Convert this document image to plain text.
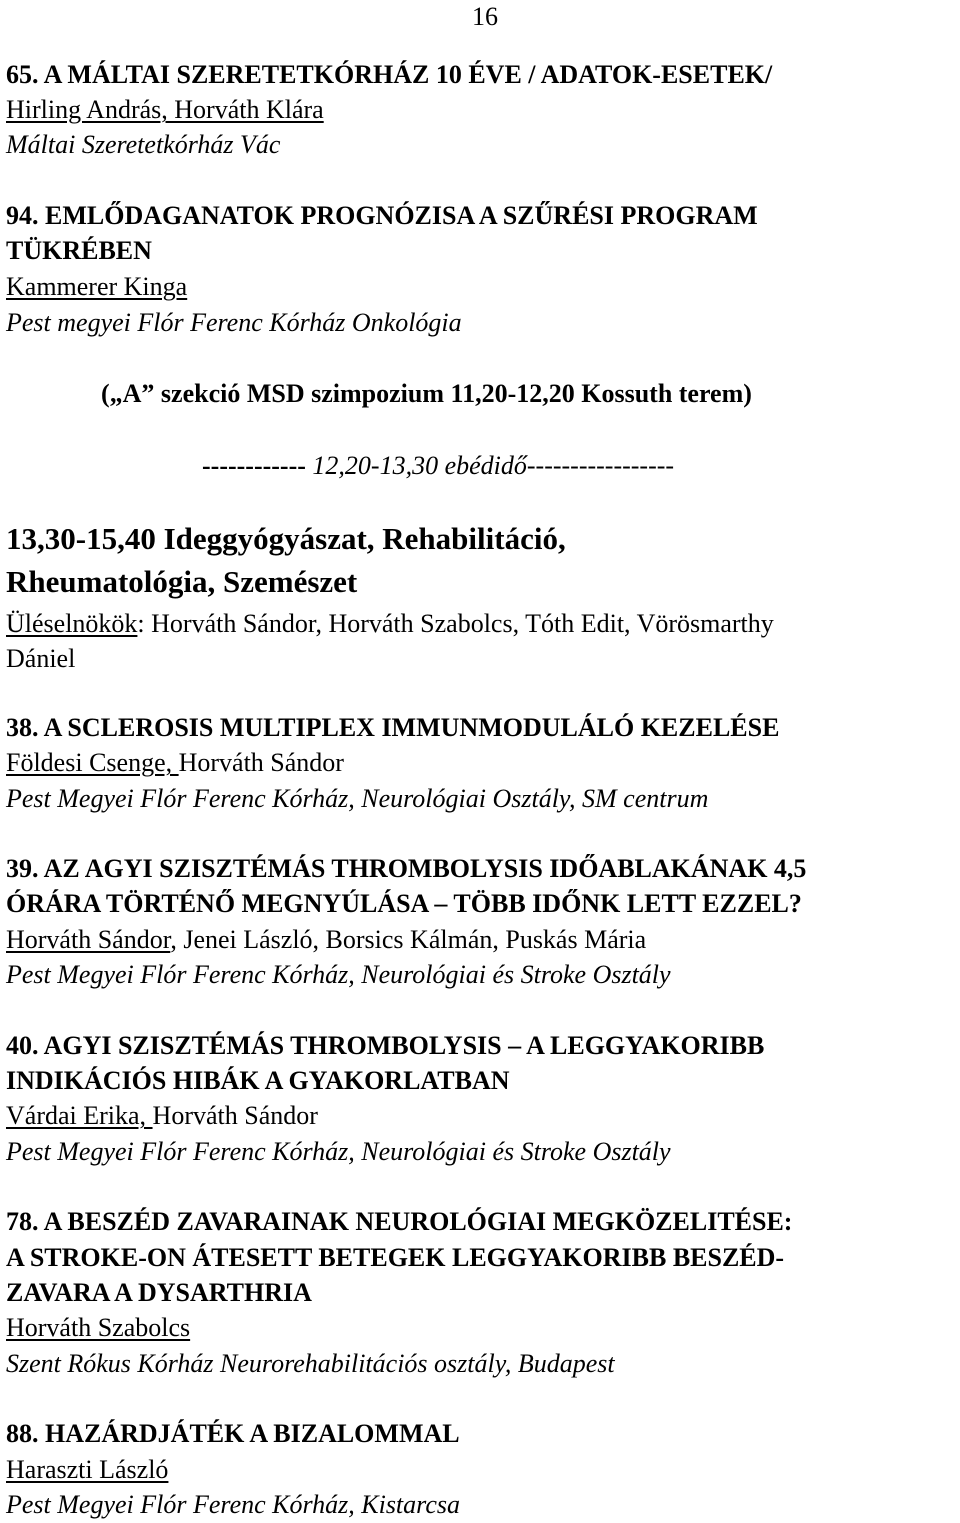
16
65. A MÁLTAI SZERETETKÓRHÁZ 10 ÉVE / ADATOK-ESETEK/
Hirling András, Horváth Klára
Máltai Szeretetkórház Vác
94. EMLŐDAGANATOK PROGNÓZISA A SZŰRÉSI PROGRAM
TÜKRÉBEN
Kammerer Kinga
Pest megyei Flór Ferenc Kórház Onkológia
(„A” szekció MSD szimpozium 11,20-12,20 Kossuth terem)
------------ 12,20-13,30 ebédidő-----------------
13,30-15,40 Ideggyógyászat, Rehabilitáció,
Rheumatológia, Szemészet
Üléselnökök: Horváth Sándor, Horváth Szabolcs, Tóth Edit, Vörösmarthy
Dániel
38. A SCLEROSIS MULTIPLEX IMMUNMODULÁLÓ KEZELÉSE
Földesi Csenge, Horváth Sándor
Pest Megyei Flór Ferenc Kórház, Neurológiai Osztály, SM centrum
39. AZ AGYI SZISZTÉMÁS THROMBOLYSIS IDŐABLAKÁNAK 4,5
ÓRÁRA TÖRTÉNŐ MEGNYÚLÁSA – TÖBB IDŐNK LETT EZZEL?
Horváth Sándor, Jenei László, Borsics Kálmán, Puskás Mária
Pest Megyei Flór Ferenc Kórház, Neurológiai és Stroke Osztály
40. AGYI SZISZTÉMÁS THROMBOLYSIS – A LEGGYAKORIBB
INDIKÁCIÓS HIBÁK A GYAKORLATBAN
Várdai Erika, Horváth Sándor
Pest Megyei Flór Ferenc Kórház, Neurológiai és Stroke Osztály
78. A BESZÉD ZAVARAINAK NEUROLÓGIAI MEGKÖZELITÉSE:
A STROKE-ON ÁTESETT BETEGEK LEGGYAKORIBB BESZÉD-
ZAVARA A DYSARTHRIA
Horváth Szabolcs
Szent Rókus Kórház Neurorehabilitációs osztály, Budapest
88. HAZÁRDJÁTÉK A BIZALOMMAL
Haraszti László
Pest Megyei Flór Ferenc Kórház, Kistarcsa
